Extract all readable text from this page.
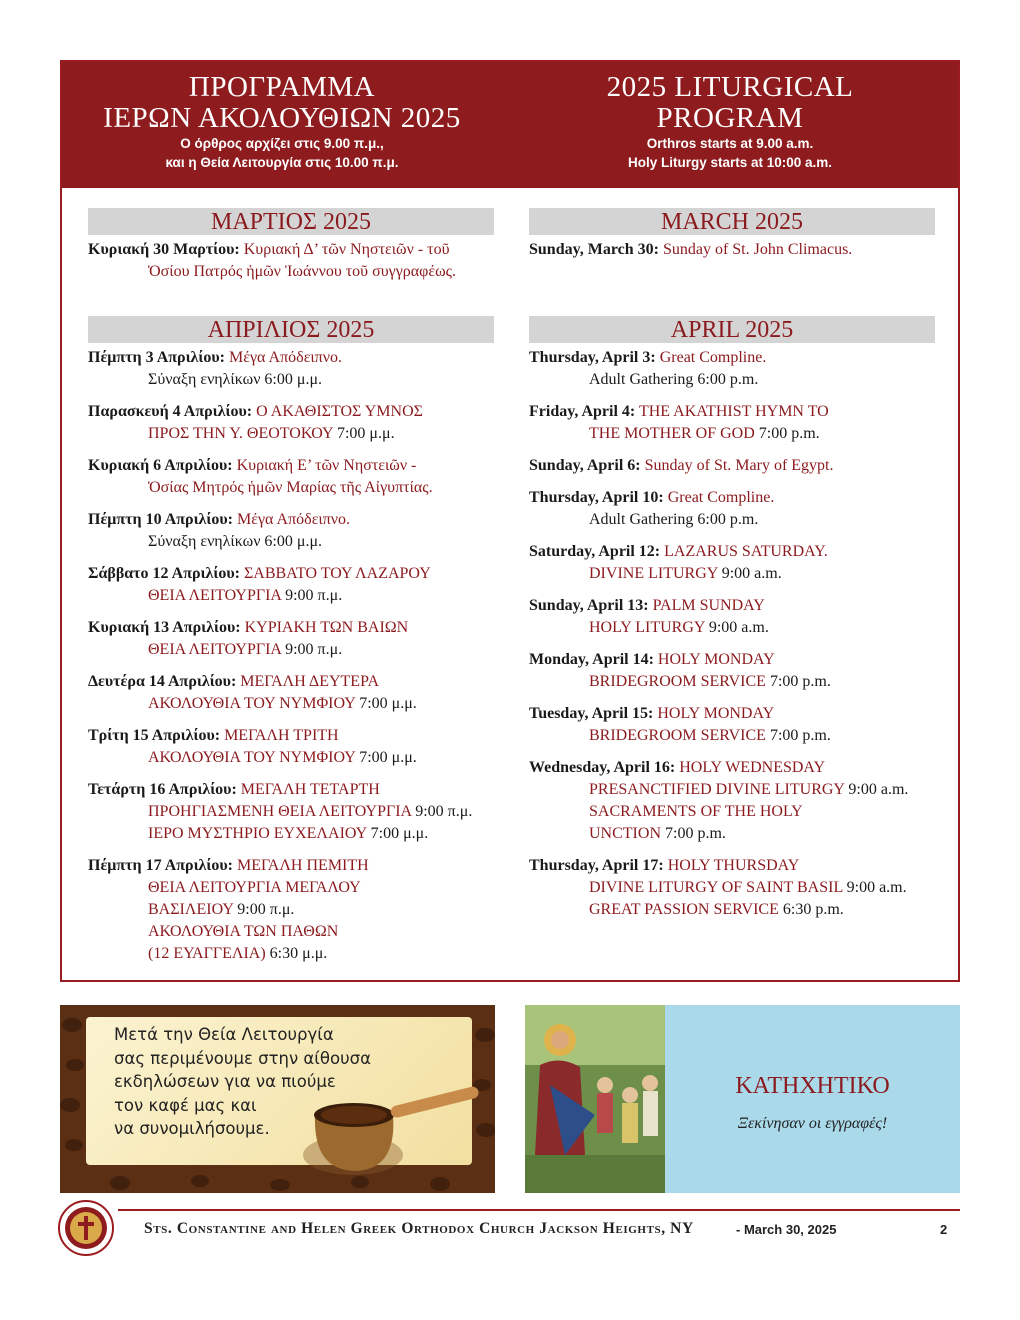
ΠΡΟΓΡΑΜΜΑ
ΙΕΡΩΝ ΑΚΟΛΟΥΘΙΩΝ 2025
Ο όρθρος αρχίζει στις 9.00 π.μ.,
και η Θεία Λειτουργία στις 10.00 π.μ.
2025 LITURGICAL
PROGRAM
Orthros starts at 9.00 a.m.
Holy Liturgy starts at 10:00 a.m.
ΜΑΡΤΙΟΣ 2025
Κυριακή 30 Μαρτίου: Κυριακή Δ’ τῶν Νηστειῶν - τοῦ
Ὁσίου Πατρός ἡμῶν Ἰωάννου τοῦ συγγραφέως.
MARCH 2025
Sunday, March 30: Sunday of St. John Climacus.
ΑΠΡΙΛΙΟΣ 2025
Πέμπτη 3 Απριλίου: Μέγα Απόδειπνο.
Σύναξη ενηλίκων 6:00 μ.μ.
Παρασκευή 4 Απριλίου: Ο ΑΚΑΘΙΣΤΟΣ ΥΜΝΟΣ
ΠΡΟΣ ΤΗΝ Υ. ΘΕΟΤΟΚΟΥ 7:00 μ.μ.
Κυριακή 6 Απριλίου: Κυριακή Ε’ τῶν Νηστειῶν -
Ὁσίας Μητρός ἡμῶν Μαρίας τῆς Αἰγυπτίας.
Πέμπτη 10 Απριλίου: Μέγα Απόδειπνο.
Σύναξη ενηλίκων 6:00 μ.μ.
Σάββατο 12 Απριλίου: ΣΑΒΒΑΤΟ ΤΟΥ ΛΑΖΑΡΟΥ
ΘΕΙΑ ΛΕΙΤΟΥΡΓΙΑ 9:00 π.μ.
Κυριακή 13 Απριλίου: ΚΥΡΙΑΚΗ ΤΩΝ ΒΑΙΩΝ
ΘΕΙΑ ΛΕΙΤΟΥΡΓΙΑ 9:00 π.μ.
Δευτέρα 14 Απριλίου: ΜΕΓΑΛΗ ΔΕΥΤΕΡΑ
ΑΚΟΛΟΥΘΙΑ ΤΟΥ ΝΥΜΦΙΟΥ 7:00 μ.μ.
Τρίτη 15 Απριλίου: ΜΕΓΑΛΗ ΤΡΙΤΗ
ΑΚΟΛΟΥΘΙΑ ΤΟΥ ΝΥΜΦΙΟΥ 7:00 μ.μ.
Τετάρτη 16 Απριλίου: ΜΕΓΑΛΗ ΤΕΤΑΡΤΗ
ΠΡΟΗΓΙΑΣΜΕΝΗ ΘΕΙΑ ΛΕΙΤΟΥΡΓΙΑ 9:00 π.μ.
ΙΕΡΟ ΜΥΣΤΗΡΙΟ ΕΥΧΕΛΑΙΟΥ 7:00 μ.μ.
Πέμπτη 17 Απριλίου: ΜΕΓΑΛΗ ΠΕΜΙΤΗ
ΘΕΙΑ ΛΕΙΤΟΥΡΓΙΑ ΜΕΓΑΛΟΥ
ΒΑΣΙΛΕΙΟΥ 9:00 π.μ.
ΑΚΟΛΟΥΘΙΑ ΤΩΝ ΠΑΘΩΝ
(12 ΕΥΑΓΓΕΛΙΑ) 6:30 μ.μ.
APRIL 2025
Thursday, April 3: Great Compline.
Adult Gathering 6:00 p.m.
Friday, April 4: THE AKATHIST HYMN TO
THE MOTHER OF GOD 7:00 p.m.
Sunday, April 6: Sunday of St. Mary of Egypt.
Thursday, April 10: Great Compline.
Adult Gathering 6:00 p.m.
Saturday, April 12: LAZARUS SATURDAY.
DIVINE LITURGY 9:00 a.m.
Sunday, April 13: PALM SUNDAY
HOLY LITURGY 9:00 a.m.
Monday, April 14: HOLY MONDAY
BRIDEGROOM SERVICE 7:00 p.m.
Tuesday, April 15: HOLY MONDAY
BRIDEGROOM SERVICE 7:00 p.m.
Wednesday, April 16: HOLY WEDNESDAY
PRESANCTIFIED DIVINE LITURGY 9:00 a.m.
SACRAMENTS OF THE HOLY
UNCTION 7:00 p.m.
Thursday, April 17: HOLY THURSDAY
DIVINE LITURGY OF SAINT BASIL 9:00 a.m.
GREAT PASSION SERVICE 6:30 p.m.
Μετά την Θεία Λειτουργία
σας περιμένουμε στην αίθουσα
εκδηλώσεων για να πιούμε
τον καφέ μας και
να συνομιλήσουμε.
ΚΑΤΗΧΗΤΙΚΟ
Ξεκίνησαν οι εγγραφές!
Sts. Constantine and Helen Greek Orthodox Church Jackson Heights, NY	- March 30, 2025	2
